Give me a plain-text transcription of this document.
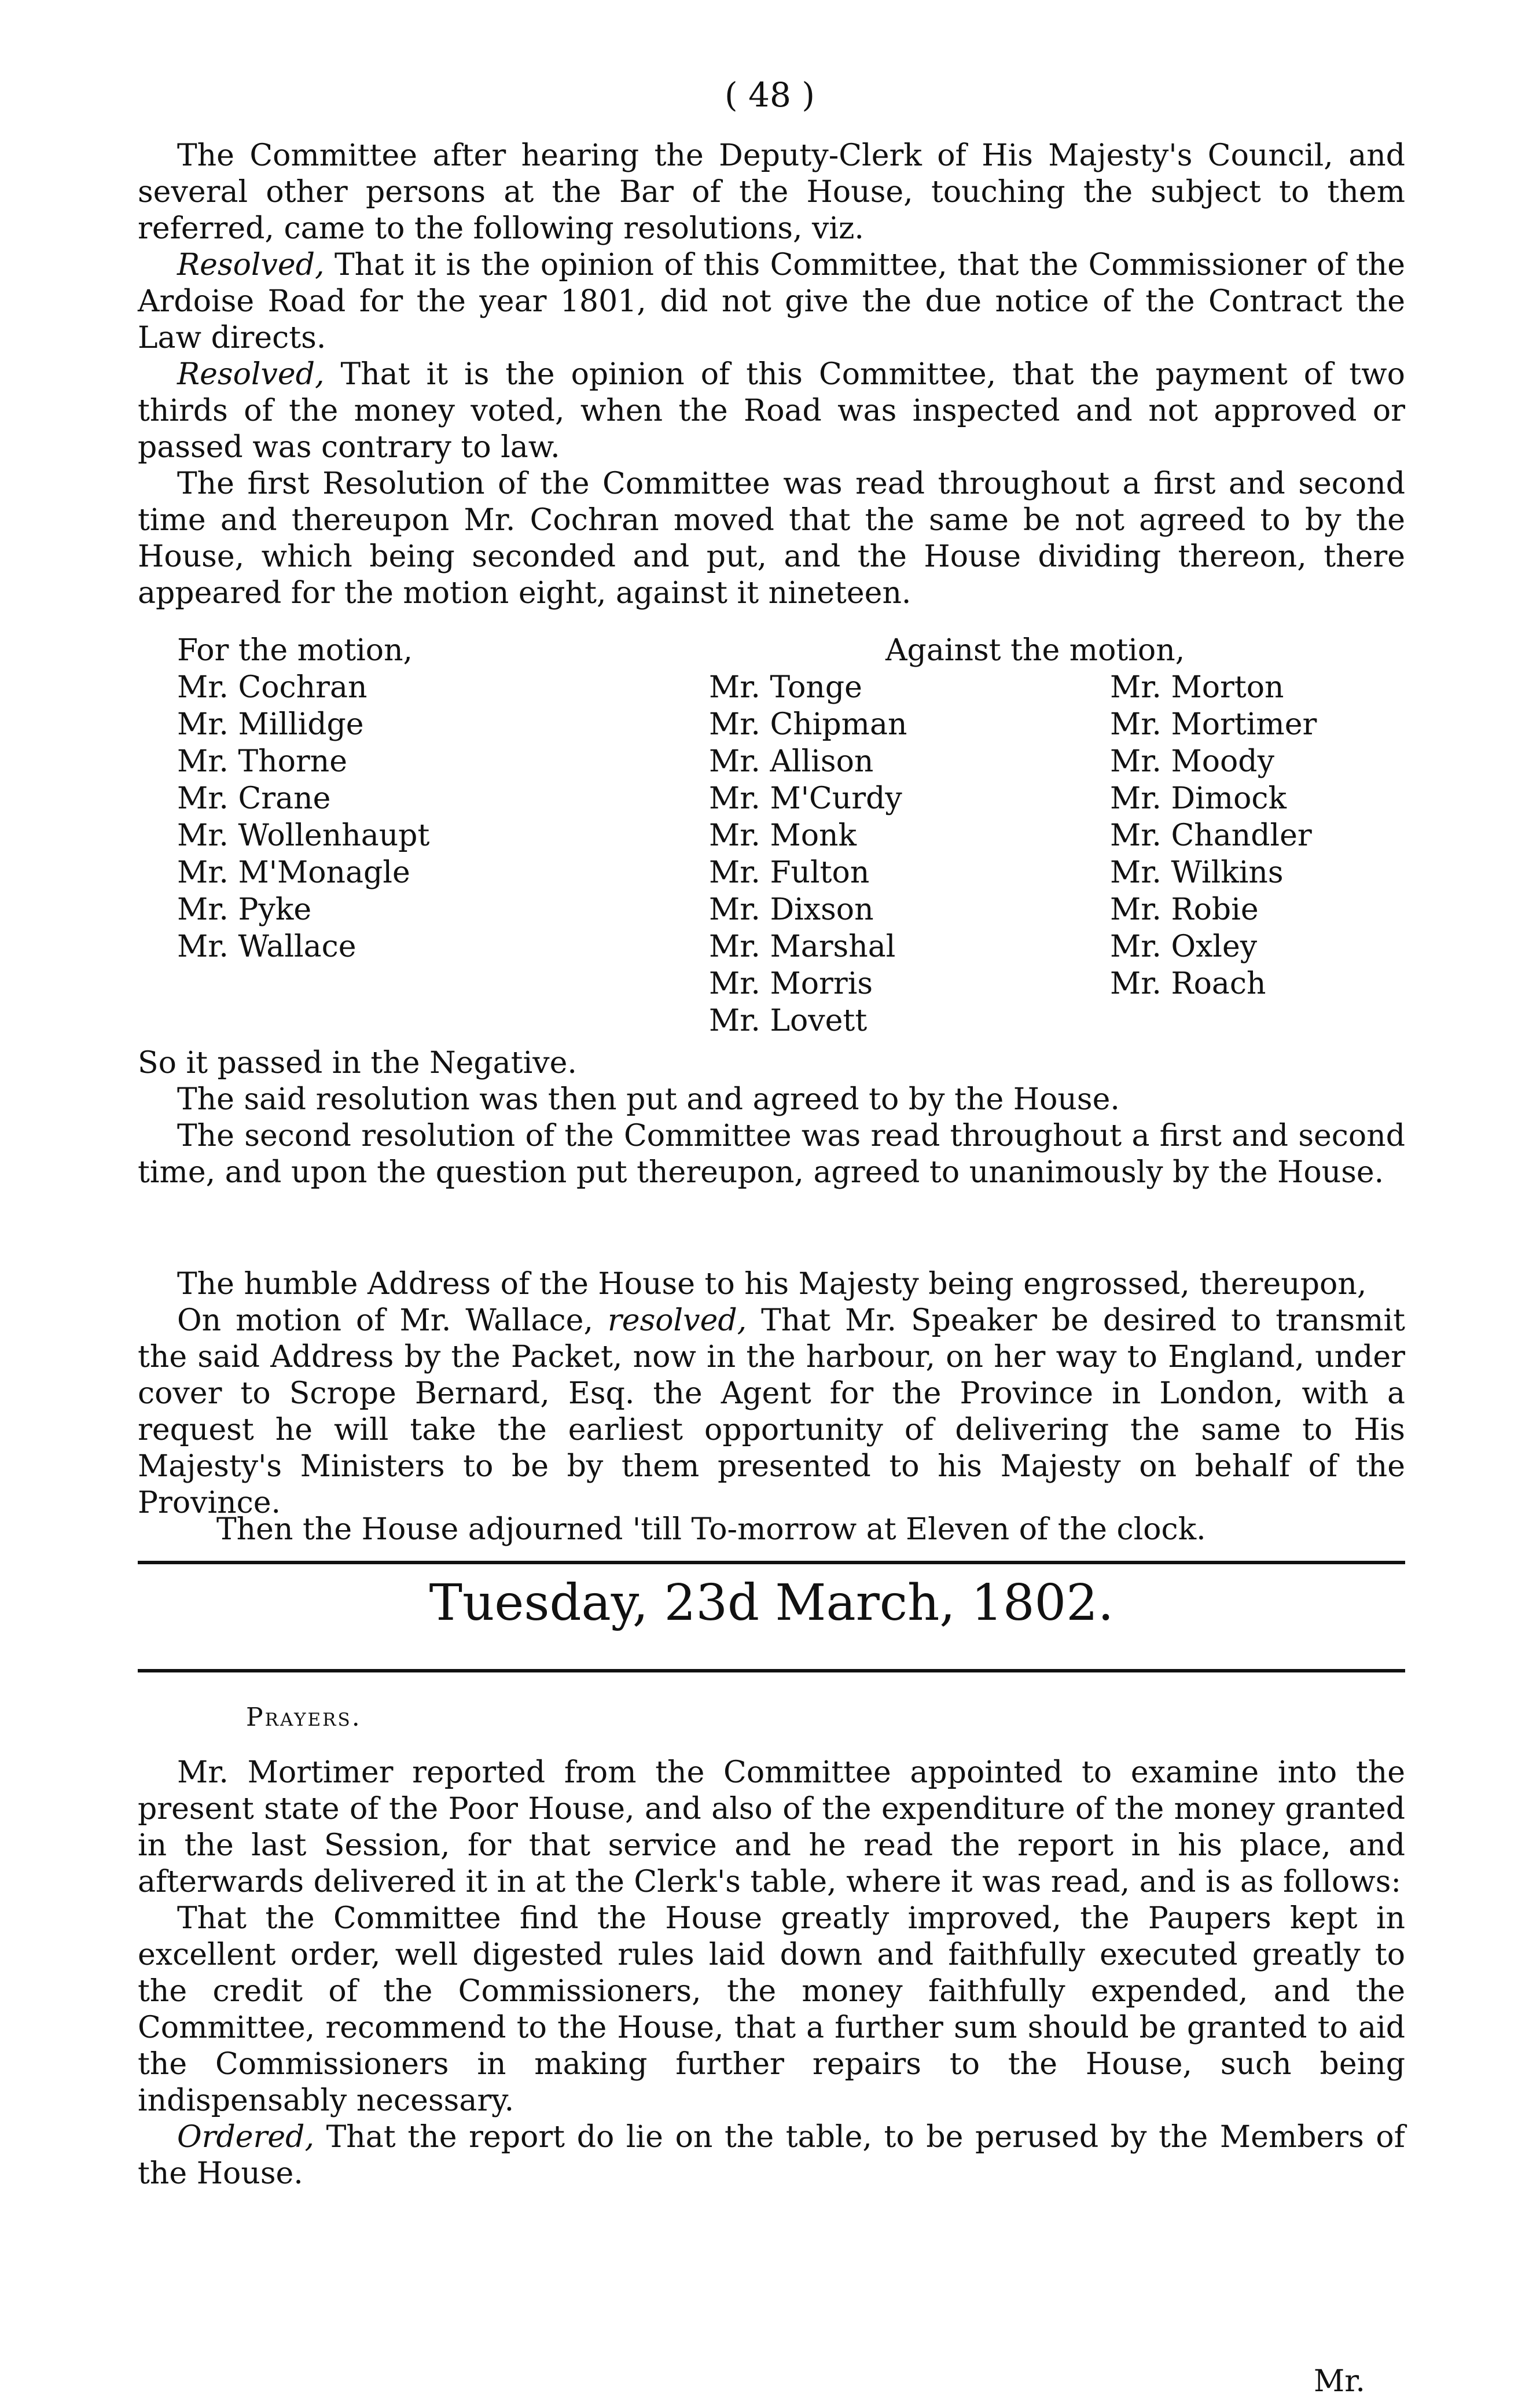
( 48 )

The Committee after hearing the Deputy-Clerk of His Majesty's Council, and several other persons at the Bar of the House, touching the subject to them referred, came to the following resolutions, viz.

Resolved, That it is the opinion of this Committee, that the Commissioner of the Ardoise Road for the year 1801, did not give the due notice of the Contract the Law directs.

Resolved, That it is the opinion of this Committee, that the payment of two thirds of the money voted, when the Road was inspected and not approved or passed was contrary to law.

The first Resolution of the Committee was read throughout a first and second time and thereupon Mr. Cochran moved that the same be not agreed to by the House, which being seconded and put, and the House dividing thereon, there appeared for the motion eight, against it nineteen.

For the motion,
Mr. Cochran
Mr. Millidge
Mr. Thorne
Mr. Crane
Mr. Wollenhaupt
Mr. M'Monagle
Mr. Pyke
Mr. Wallace
Against the motion,
Mr. Tonge
Mr. Chipman
Mr. Allison
Mr. M'Curdy
Mr. Monk
Mr. Fulton
Mr. Dixson
Mr. Marshal
Mr. Morris
Mr. Lovett
Mr. Morton
Mr. Mortimer
Mr. Moody
Mr. Dimock
Mr. Chandler
Mr. Wilkins
Mr. Robie
Mr. Oxley
Mr. Roach

So it passed in the Negative.

The said resolution was then put and agreed to by the House.

The second resolution of the Committee was read throughout a first and second time, and upon the question put thereupon, agreed to unanimously by the House.

The humble Address of the House to his Majesty being engrossed, thereupon,

On motion of Mr. Wallace, resolved, That Mr. Speaker be desired to transmit the said Address by the Packet, now in the harbour, on her way to England, under cover to Scrope Bernard, Esq. the Agent for the Province in London, with a request he will take the earliest opportunity of delivering the same to His Majesty's Ministers to be by them presented to his Majesty on behalf of the Province.

Then the House adjourned 'till To-morrow at Eleven of the clock.

Tuesday, 23d March, 1802.
Prayers.

Mr. Mortimer reported from the Committee appointed to examine into the present state of the Poor House, and also of the expenditure of the money granted in the last Session, for that service and he read the report in his place, and afterwards delivered it in at the Clerk's table, where it was read, and is as follows:

That the Committee find the House greatly improved, the Paupers kept in excellent order, well digested rules laid down and faithfully executed greatly to the credit of the Commissioners, the money faithfully expended, and the Committee, recommend to the House, that a further sum should be granted to aid the Commissioners in making further repairs to the House, such being indispensably necessary.

Ordered, That the report do lie on the table, to be perused by the Members of the House.

Mr.
